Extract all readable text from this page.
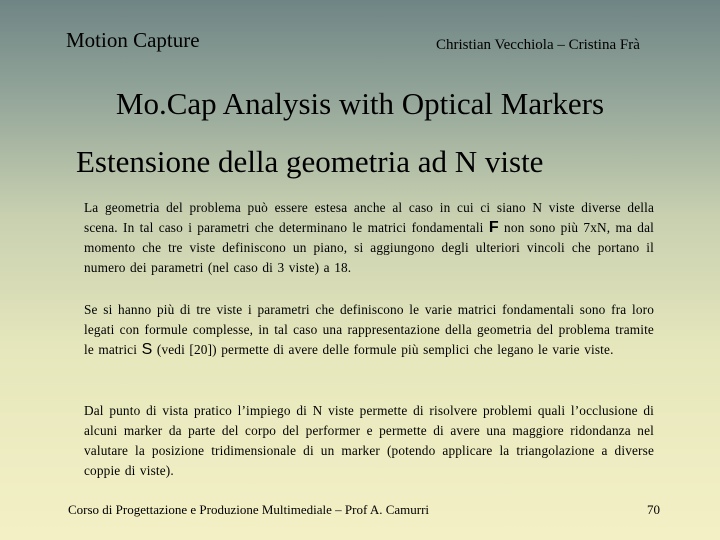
Motion Capture	Christian Vecchiola – Cristina Frà
Mo.Cap Analysis with Optical Markers
Estensione della geometria ad N viste

La geometria del problema può essere estesa anche al caso in cui ci siano N viste diverse della scena. In tal caso i parametri che determinano le matrici fondamentali F non sono più 7xN, ma dal momento che tre viste definiscono un piano, si aggiungono degli ulteriori vincoli che portano il numero dei parametri (nel caso di 3 viste) a 18.

Se si hanno più di tre viste i parametri che definiscono le varie matrici fondamentali sono fra loro legati con formule complesse, in tal caso una rappresentazione della geometria del problema tramite le matrici S (vedi [20]) permette di avere delle formule più semplici che legano le varie viste.

Dal punto di vista pratico l’impiego di N viste permette di risolvere problemi quali l’occlusione di alcuni marker da parte del corpo del performer e permette di avere una maggiore ridondanza nel valutare la posizione tridimensionale di un marker (potendo applicare la triangolazione a diverse coppie di viste).

Corso di Progettazione e Produzione Multimediale – Prof A. Camurri	70
